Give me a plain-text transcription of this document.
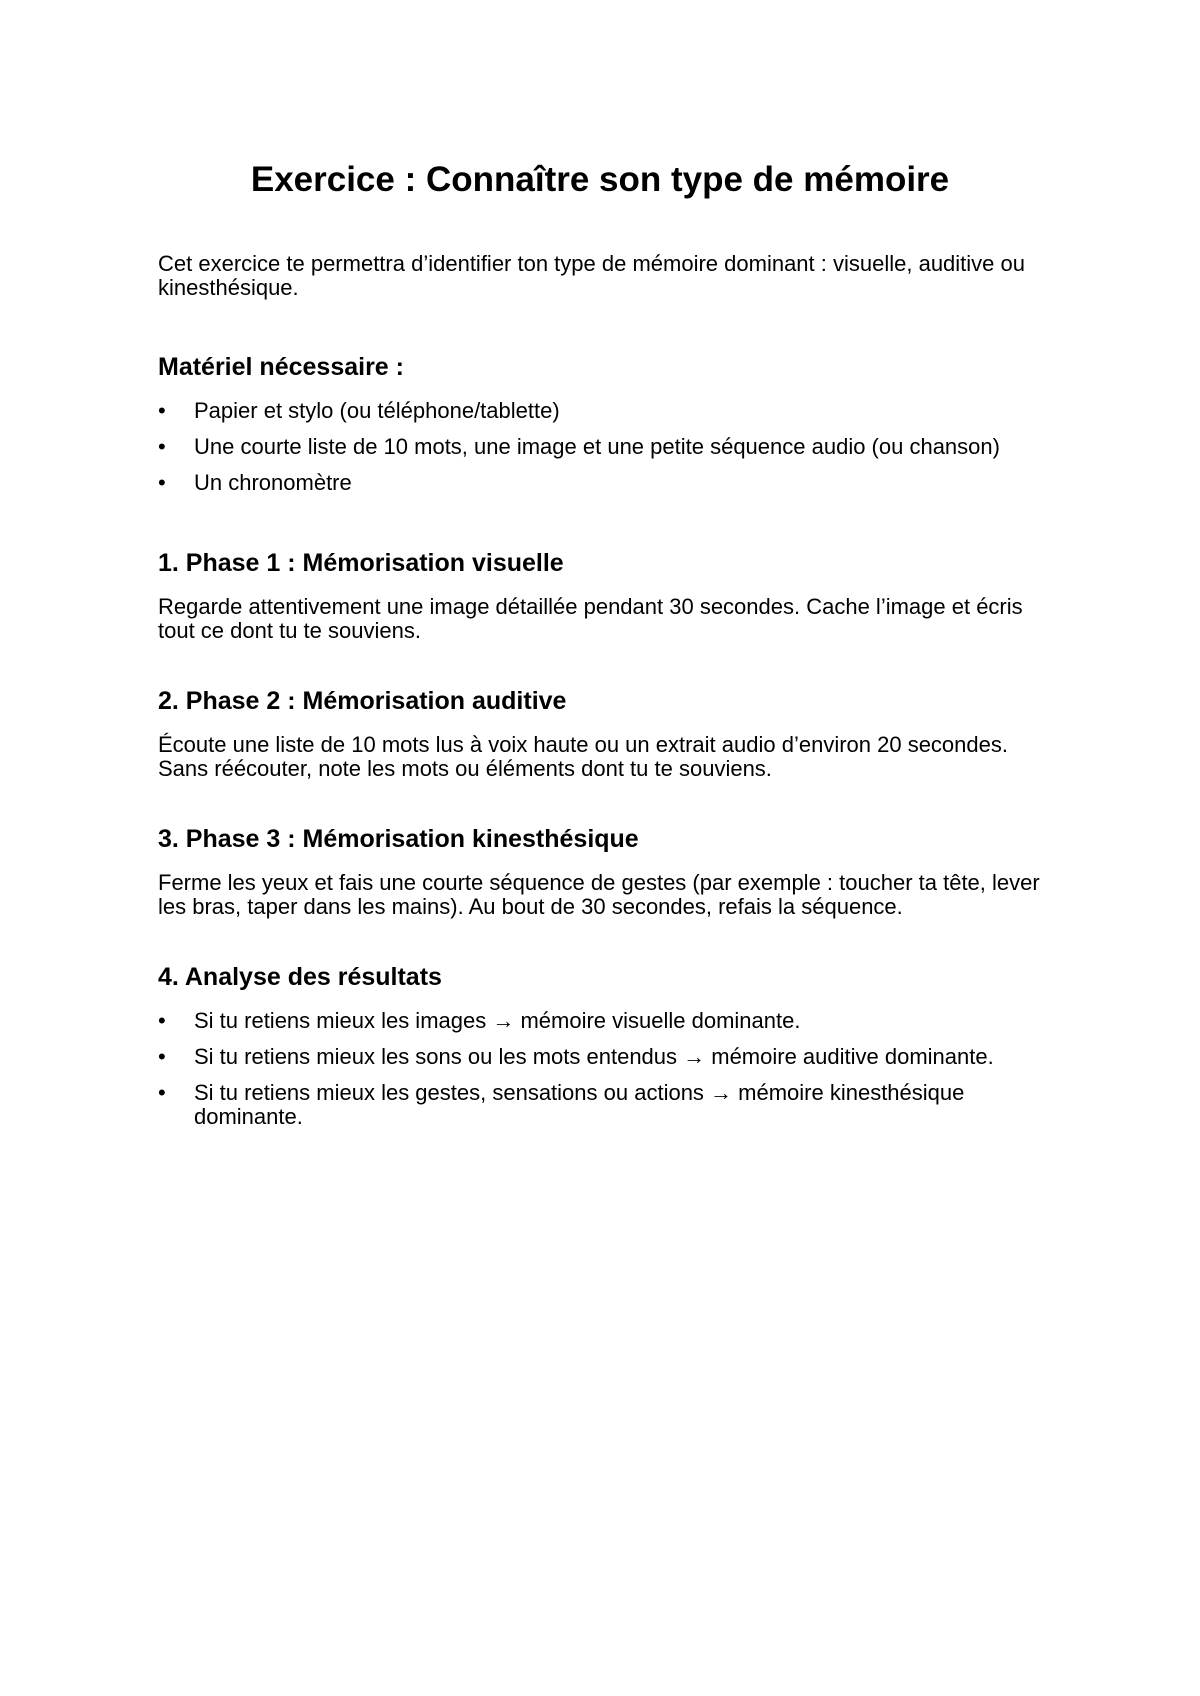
Exercice : Connaître son type de mémoire

Cet exercice te permettra d’identifier ton type de mémoire dominant : visuelle, auditive ou kinesthésique.

Matériel nécessaire :
•	Papier et stylo (ou téléphone/tablette)
•	Une courte liste de 10 mots, une image et une petite séquence audio (ou chanson)
•	Un chronomètre
1. Phase 1 : Mémorisation visuelle

Regarde attentivement une image détaillée pendant 30 secondes. Cache l’image et écris tout ce dont tu te souviens.

2. Phase 2 : Mémorisation auditive

Écoute une liste de 10 mots lus à voix haute ou un extrait audio d’environ 20 secondes. Sans réécouter, note les mots ou éléments dont tu te souviens.

3. Phase 3 : Mémorisation kinesthésique

Ferme les yeux et fais une courte séquence de gestes (par exemple : toucher ta tête, lever les bras, taper dans les mains). Au bout de 30 secondes, refais la séquence.

4. Analyse des résultats
•	Si tu retiens mieux les images → mémoire visuelle dominante.
•	Si tu retiens mieux les sons ou les mots entendus → mémoire auditive dominante.
•	Si tu retiens mieux les gestes, sensations ou actions → mémoire kinesthésique dominante.
